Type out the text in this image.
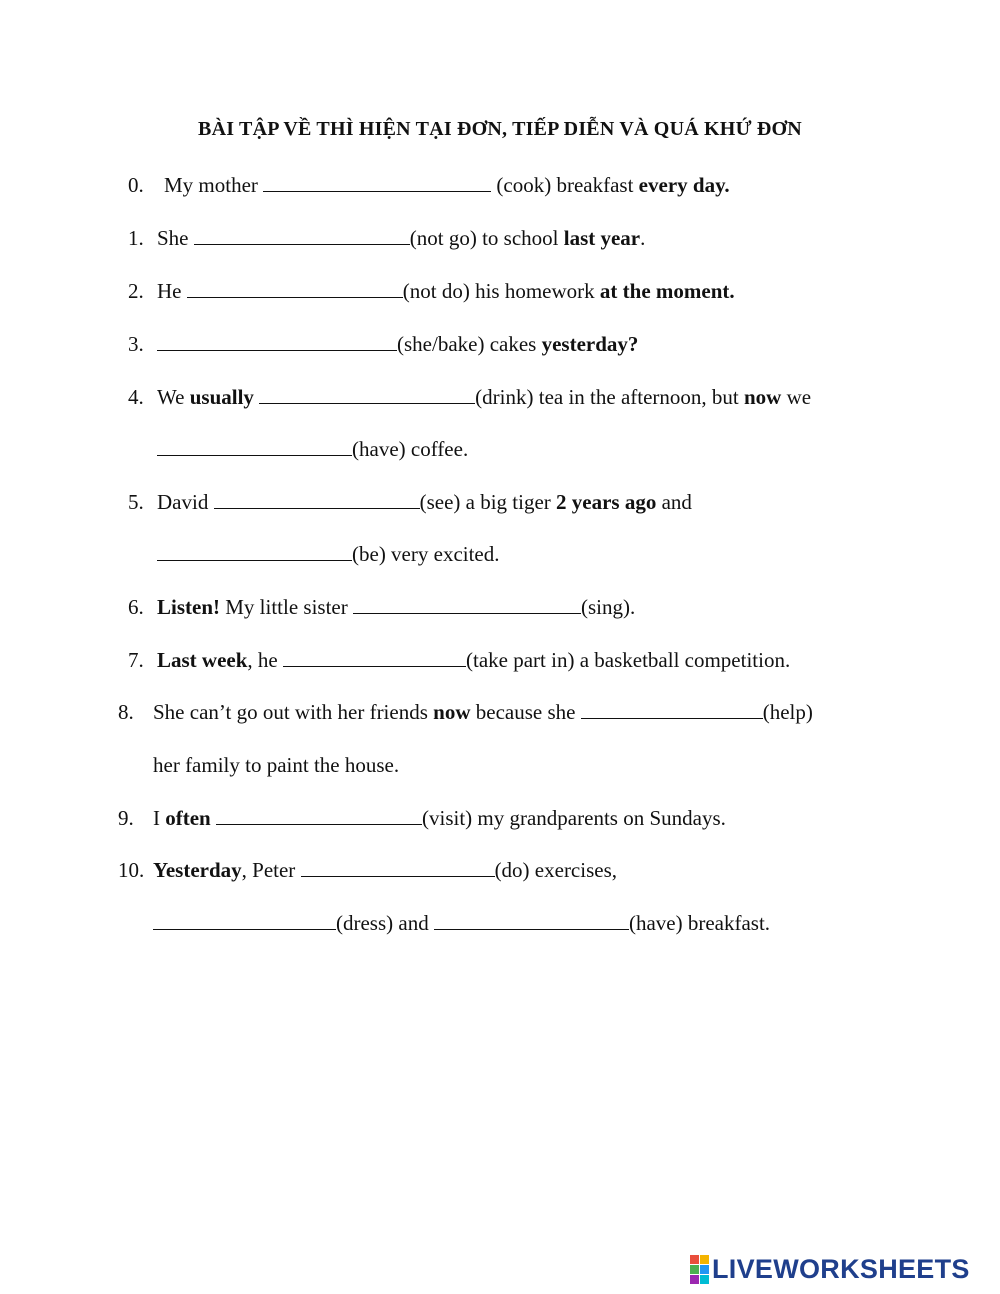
BÀI TẬP VỀ THÌ HIỆN TẠI ĐƠN, TIẾP DIỄN VÀ QUÁ KHỨ ĐƠN
0. My mother	(cook) breakfast every day.
1. She	(not go) to school last year.
2. He	(not do) his homework at the moment.
3.	(she/bake) cakes yesterday?
4. We usually	(drink) tea in the afternoon, but now we
(have) coffee.
5. David	(see) a big tiger 2 years ago and
(be) very excited.
6. Listen! My little sister	(sing).
7. Last week, he	(take part in) a basketball competition.
8. She can’t go out with her friends now because she	(help)
her family to paint the house.
9. I often	(visit) my grandparents on Sundays.
10. Yesterday, Peter	(do) exercises,
(dress) and	(have) breakfast.
LIVEWORKSHEETS
